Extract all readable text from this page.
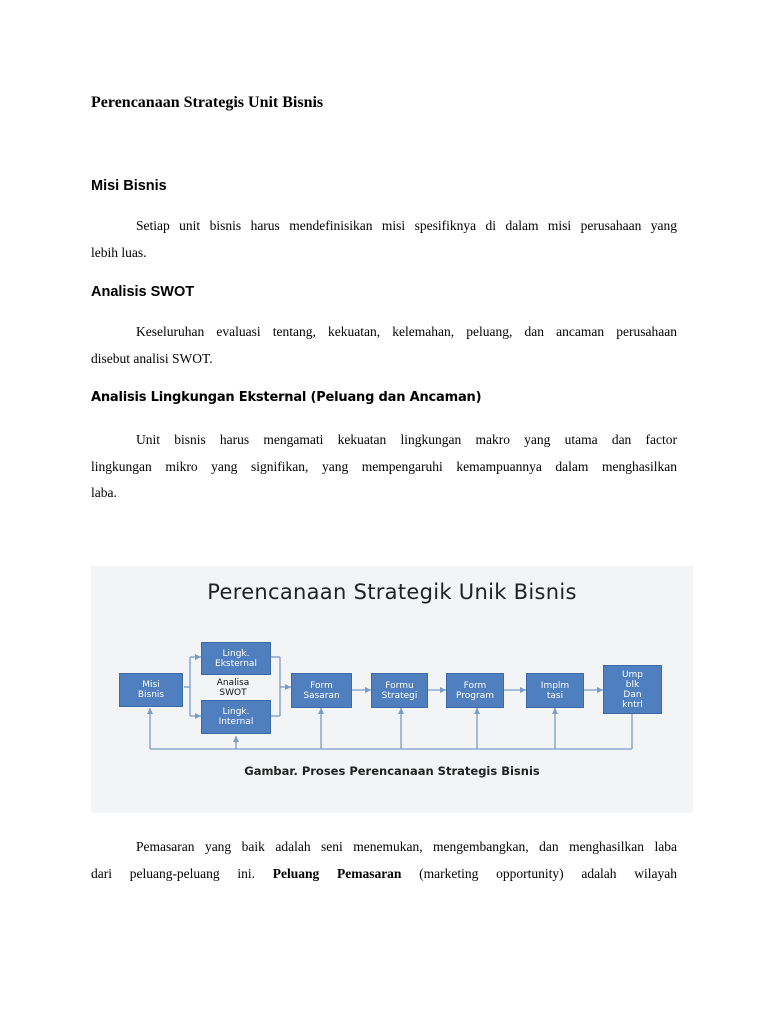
Perencanaan Strategis Unit Bisnis
Misi Bisnis

Setiap unit bisnis harus mendefinisikan misi spesifiknya di dalam misi perusahaan yang
lebih luas.

Analisis SWOT

Keseluruhan evaluasi tentang, kekuatan, kelemahan, peluang, dan ancaman perusahaan
disebut analisi SWOT.

Analisis Lingkungan Eksternal (Peluang dan Ancaman)

Unit bisnis harus mengamati kekuatan lingkungan makro yang utama dan factor
lingkungan mikro yang signifikan, yang mempengaruhi kemampuannya dalam menghasilkan
laba.

Perencanaan Strategik Unik Bisnis

Misi
Bisnis
Lingk.
Eksternal
Analisa
SWOT
Lingk.
Internal
Form
Sasaran
Formu
Strategi
Form
Program
Implm
tasi
Ump
blk
Dan
kntrl

Gambar. Proses Perencanaan Strategis Bisnis

Pemasaran yang baik adalah seni menemukan, mengembangkan, dan menghasilkan laba
dari peluang-peluang ini. Peluang Pemasaran (marketing opportunity) adalah wilayah
